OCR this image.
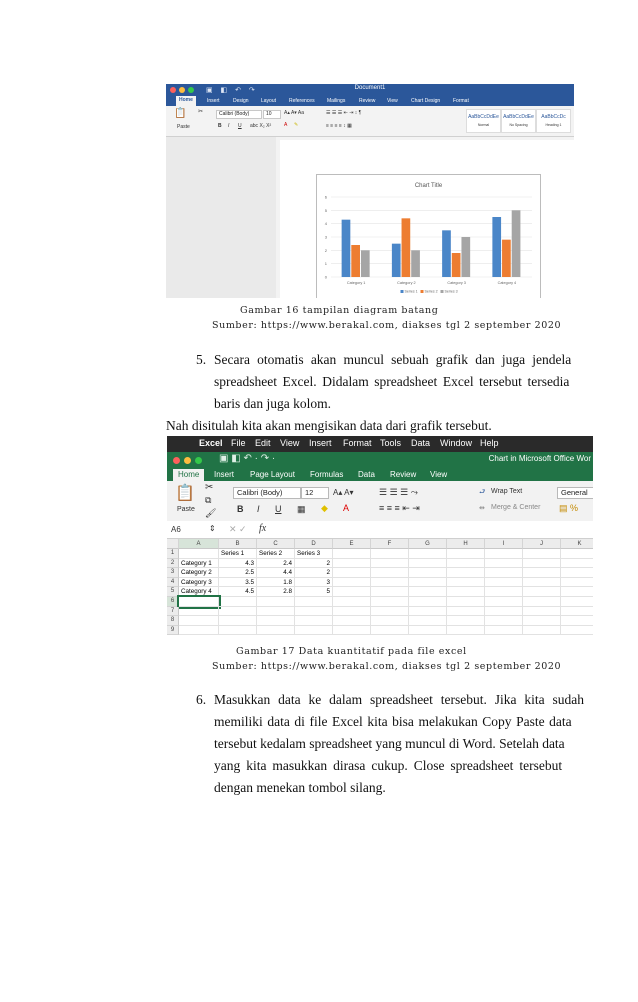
▣ ◧ ↶ ↷	Document1
Home	Insert	Design	Layout	References	Mailings	Review	View	Chart Design	Format
📋
Paste
✂	Calibri (Body)	10	A▴ A▾ Aa
B I U abc X₂ X²	A ✎
☰ ☰ ☰ ⇤ ⇥ ↕ ¶
≡ ≡ ≡ ≡ ↕ ▦
AaBbCcDdEe
Normal
AaBbCcDdEe
No Spacing
AaBbCcDc
Heading 1
Chart Title
0
1
2
3
4
5
6
Category 1	Category 2	Category 3	Category 4
Series 1 Series 2 Series 3
Gambar 16 tampilan diagram batang
Sumber: https://www.berakal.com, diakses tgl 2 september 2020
5. Secara otomatis akan muncul sebuah grafik dan juga jendela
spreadsheet Excel. Didalam spreadsheet Excel tersebut tersedia
baris dan juga kolom.
Nah disitulah kita akan mengisikan data dari grafik tersebut.
Excel File Edit View Insert Format Tools Data Window Help
▣ ◧ ↶ · ↷ ·	Chart in Microsoft Office Wor
Home	Insert	Page Layout	Formulas	Data	Review	View
📋
Paste
✂
⧉
🖌
Calibri (Body)	12	A▴ A▾
B I U ▦ ◆ A
☰ ☰ ☰ ⤳
≡ ≡ ≡ ⇤ ⇥
⮐ Wrap Text
⇹ Merge & Center
General
▤ %
A6	⇕ ✕ ✓ fx
A	B	C	D	E	F	G	H	I	J	K
1	Series 1	Series 2	Series 3
2	Category 1	4.3	2.4	2
3	Category 2	2.5	4.4	2
4	Category 3	3.5	1.8	3
5	Category 4	4.5	2.8	5
6
7
8
9
Gambar 17 Data kuantitatif pada file excel
Sumber: https://www.berakal.com, diakses tgl 2 september 2020
6. Masukkan data ke dalam spreadsheet tersebut. Jika kita sudah
memiliki data di file Excel kita bisa melakukan Copy Paste data
tersebut kedalam spreadsheet yang muncul di Word. Setelah data
yang kita masukkan dirasa cukup. Close spreadsheet tersebut
dengan menekan tombol silang.
